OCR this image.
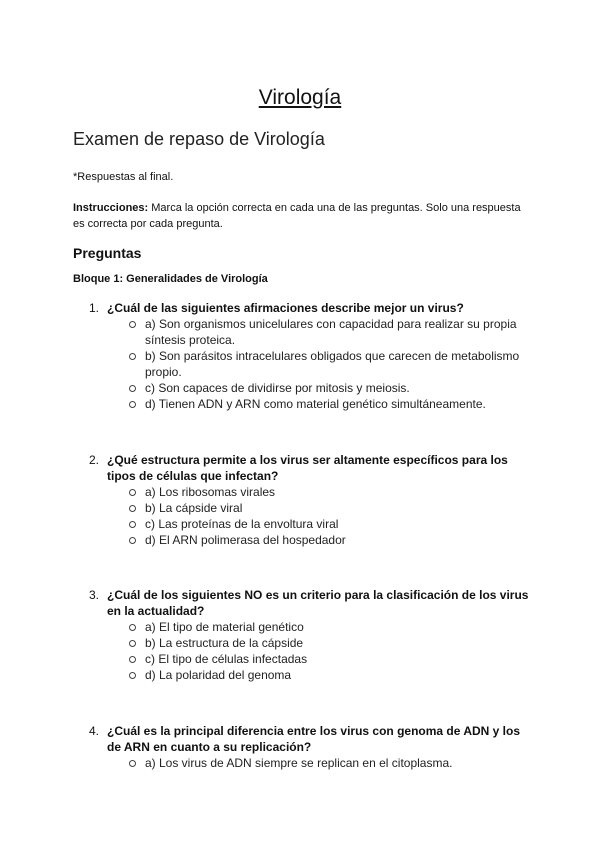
Virología
Examen de repaso de Virología
*Respuestas al final.
Instrucciones: Marca la opción correcta en cada una de las preguntas. Solo una respuesta es correcta por cada pregunta.
Preguntas
Bloque 1: Generalidades de Virología
1. ¿Cuál de las siguientes afirmaciones describe mejor un virus?
a) Son organismos unicelulares con capacidad para realizar su propia síntesis proteica.
b) Son parásitos intracelulares obligados que carecen de metabolismo propio.
c) Son capaces de dividirse por mitosis y meiosis.
d) Tienen ADN y ARN como material genético simultáneamente.
2. ¿Qué estructura permite a los virus ser altamente específicos para los tipos de células que infectan?
a) Los ribosomas virales
b) La cápside viral
c) Las proteínas de la envoltura viral
d) El ARN polimerasa del hospedador
3. ¿Cuál de los siguientes NO es un criterio para la clasificación de los virus en la actualidad?
a) El tipo de material genético
b) La estructura de la cápside
c) El tipo de células infectadas
d) La polaridad del genoma
4. ¿Cuál es la principal diferencia entre los virus con genoma de ADN y los de ARN en cuanto a su replicación?
a) Los virus de ADN siempre se replican en el citoplasma.
